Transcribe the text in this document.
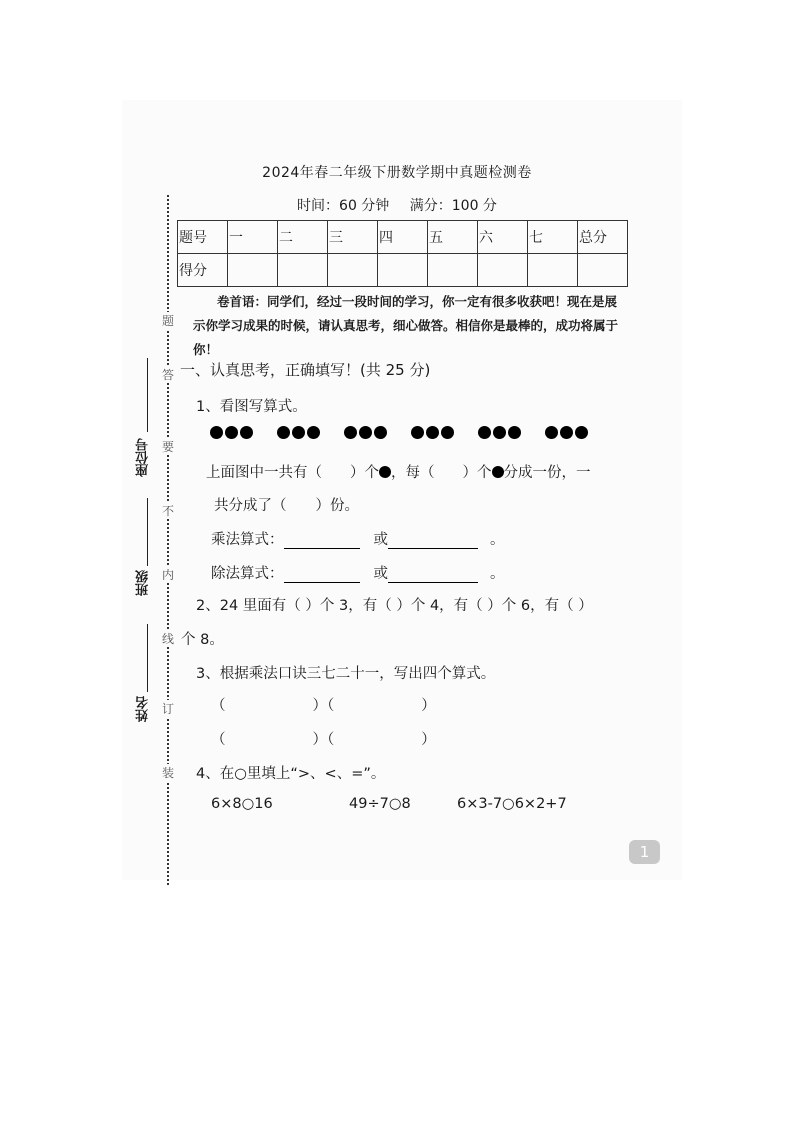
2024年春二年级下册数学期中真题检测卷
时间：60 分钟 满分：100 分
题
答
要
不
内
线
订
装
座位号
班级
姓名
题号	一	二	三	四	五	六	七	总分
得分								
卷首语：同学们，经过一段时间的学习，你一定有很多收获吧！现在是展示你学习成果的时候，请认真思考，细心做答。相信你是最棒的，成功将属于你！
一、认真思考，正确填写！(共 25 分)
1、看图写算式。
上面图中一共有（ ）个 ，每（ ）个 分成一份，一
共分成了（　　）份。
乘法算式：	或	。
除法算式：	或	。
2、24 里面有（ ）个 3，有（ ）个 4，有（ ）个 6，有（ ）
个 8。
3、根据乘法口诀三七二十一，写出四个算式。
（　　　　　　）（　　　　　　）
（　　　　　　）（　　　　　　）
4、在○里填上“>、<、=”。
6×8○16	49÷7○8	6×3-7○6×2+7
1
